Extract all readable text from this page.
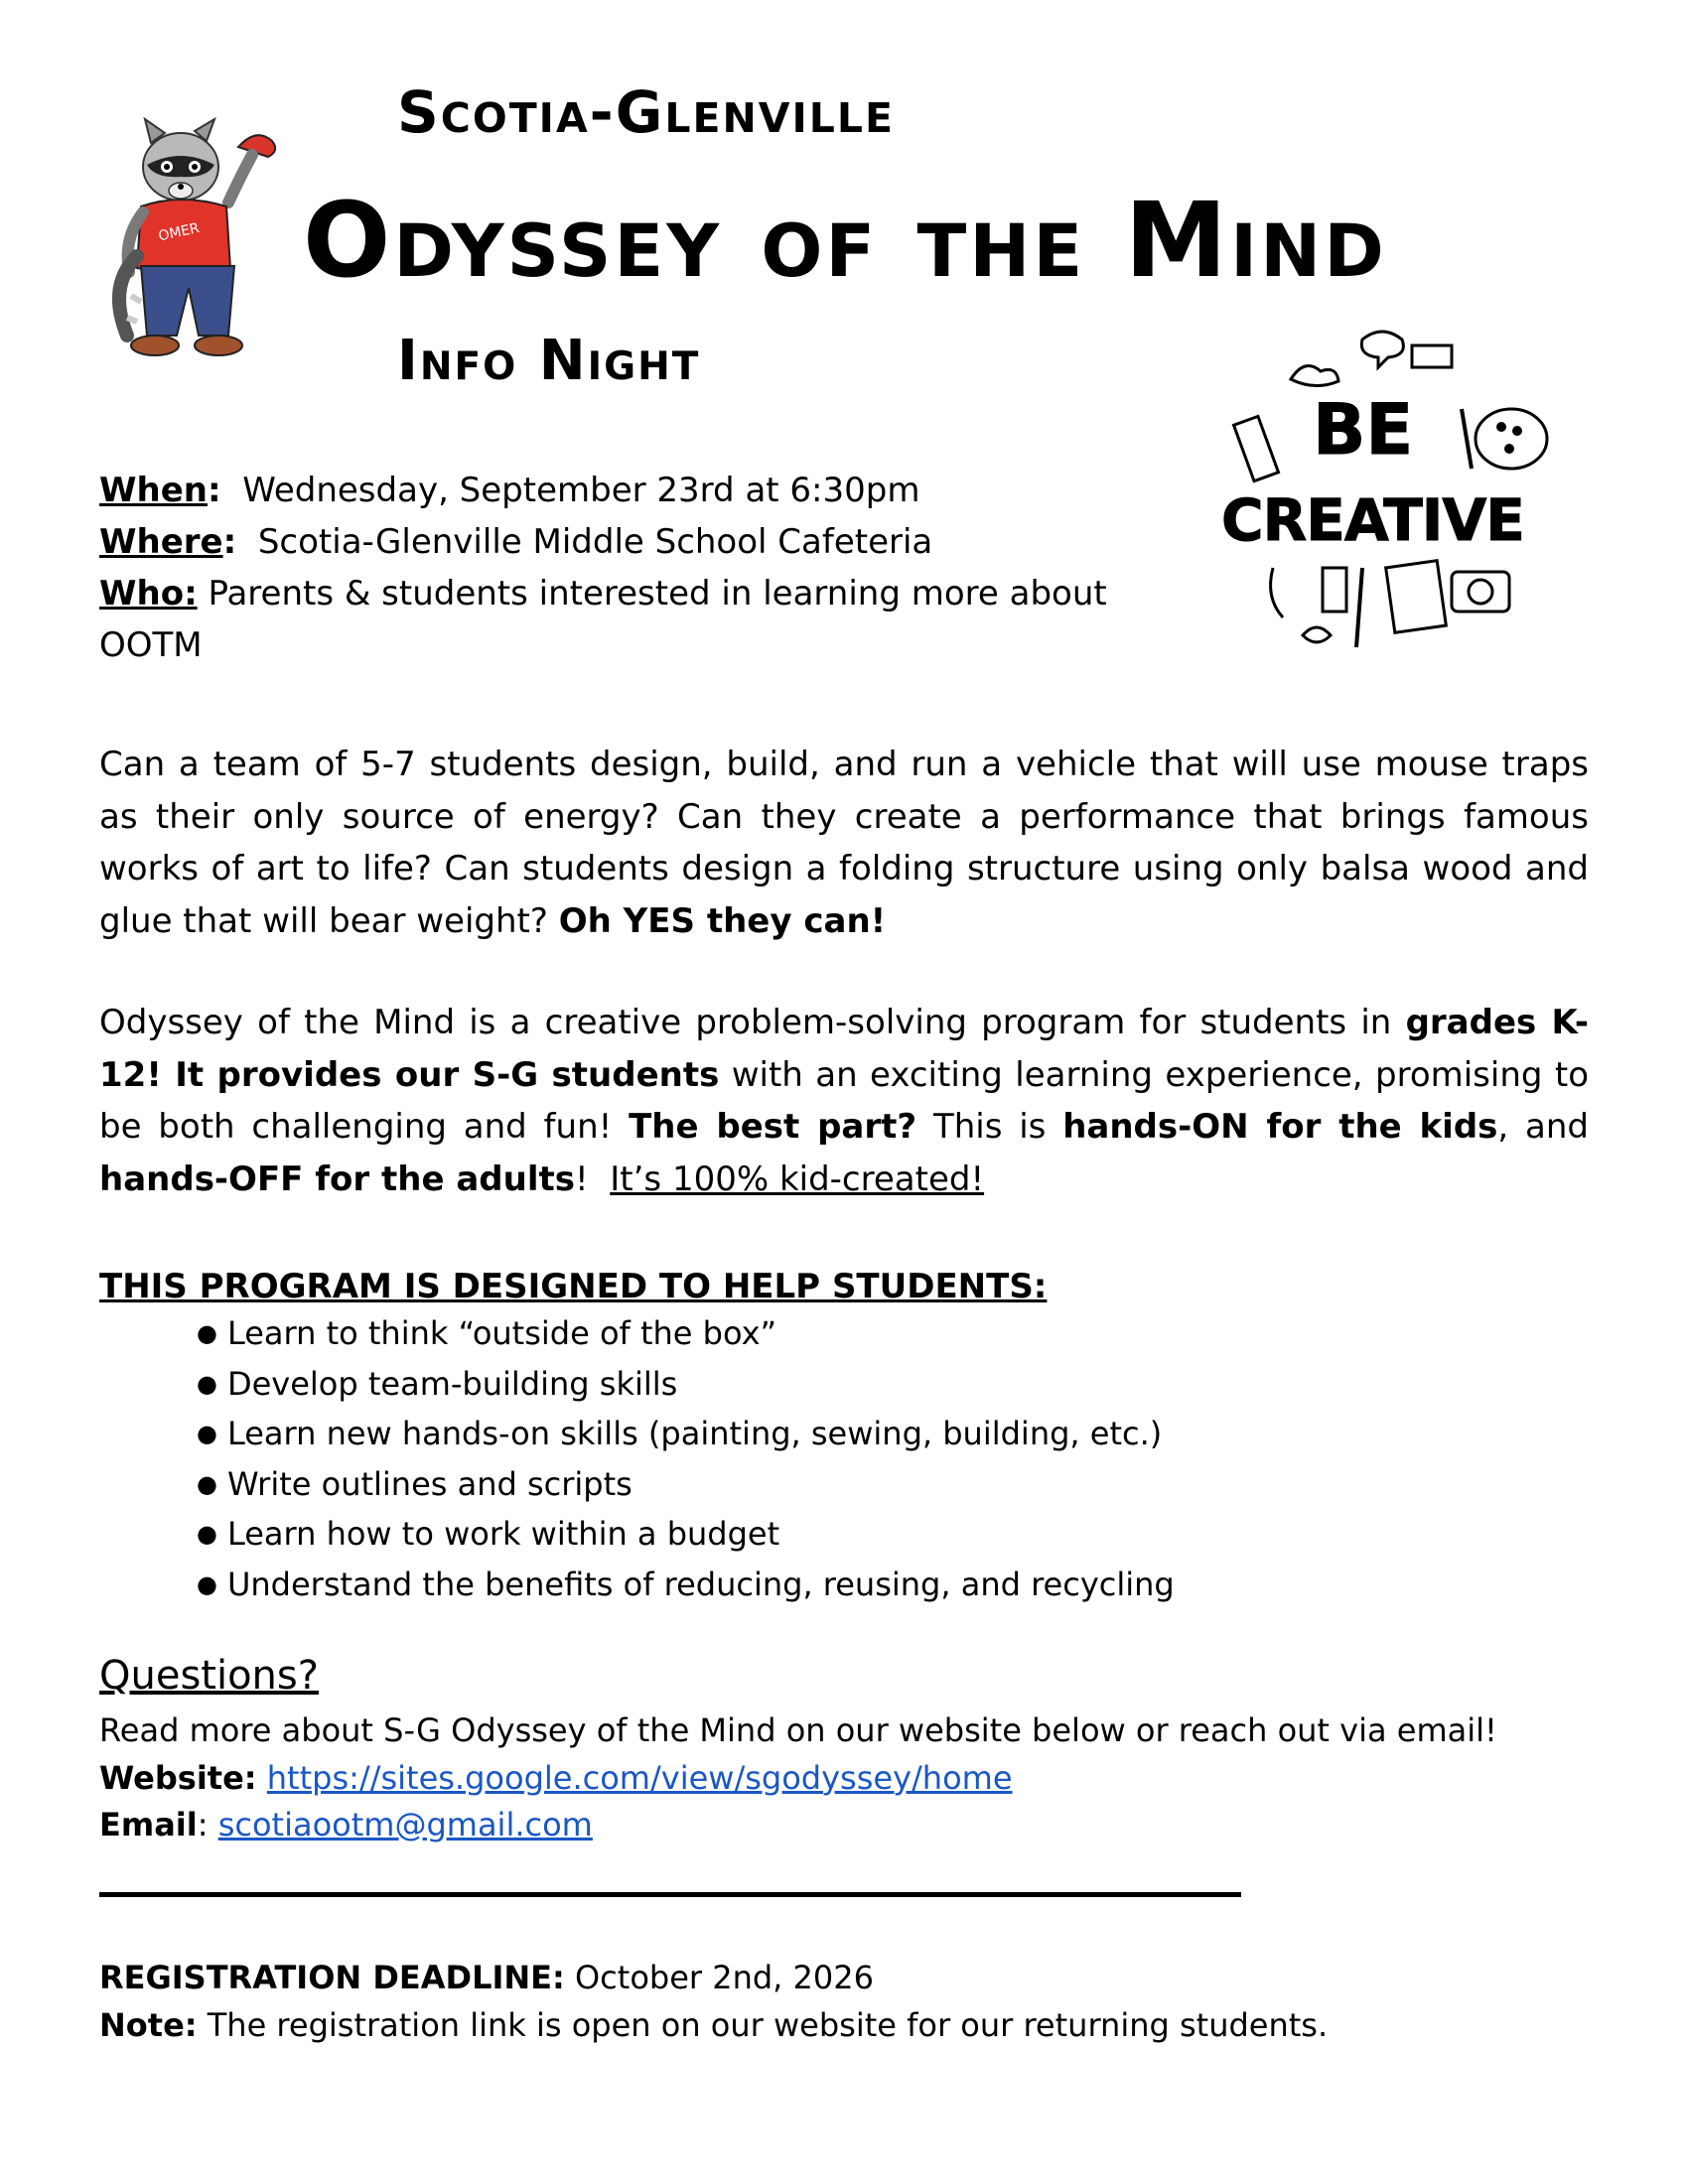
OMER
Scotia-Glenville
Odyssey of the Mind
Info Night
BE
CREATIVE
When: Wednesday, September 23rd at 6:30pm
Where: Scotia-Glenville Middle School Cafeteria
Who: Parents & students interested in learning more about
OOTM
Can a team of 5-7 students design, build, and run a vehicle that will use mouse traps as their only source of energy? Can they create a performance that brings famous works of art to life? Can students design a folding structure using only balsa wood and glue that will bear weight? Oh YES they can!
Odyssey of the Mind is a creative problem-solving program for students in grades K-12! It provides our S-G students with an exciting learning experience, promising to be both challenging and fun! The best part? This is hands-ON for the kids, and hands-OFF for the adults! It’s 100% kid-created!
THIS PROGRAM IS DESIGNED TO HELP STUDENTS:
● Learn to think “outside of the box”
● Develop team-building skills
● Learn new hands-on skills (painting, sewing, building, etc.)
● Write outlines and scripts
● Learn how to work within a budget
● Understand the benefits of reducing, reusing, and recycling
Questions?
Read more about S-G Odyssey of the Mind on our website below or reach out via email!
Website: https://sites.google.com/view/sgodyssey/home
Email: scotiaootm@gmail.com
REGISTRATION DEADLINE: October 2nd, 2026
Note: The registration link is open on our website for our returning students.
